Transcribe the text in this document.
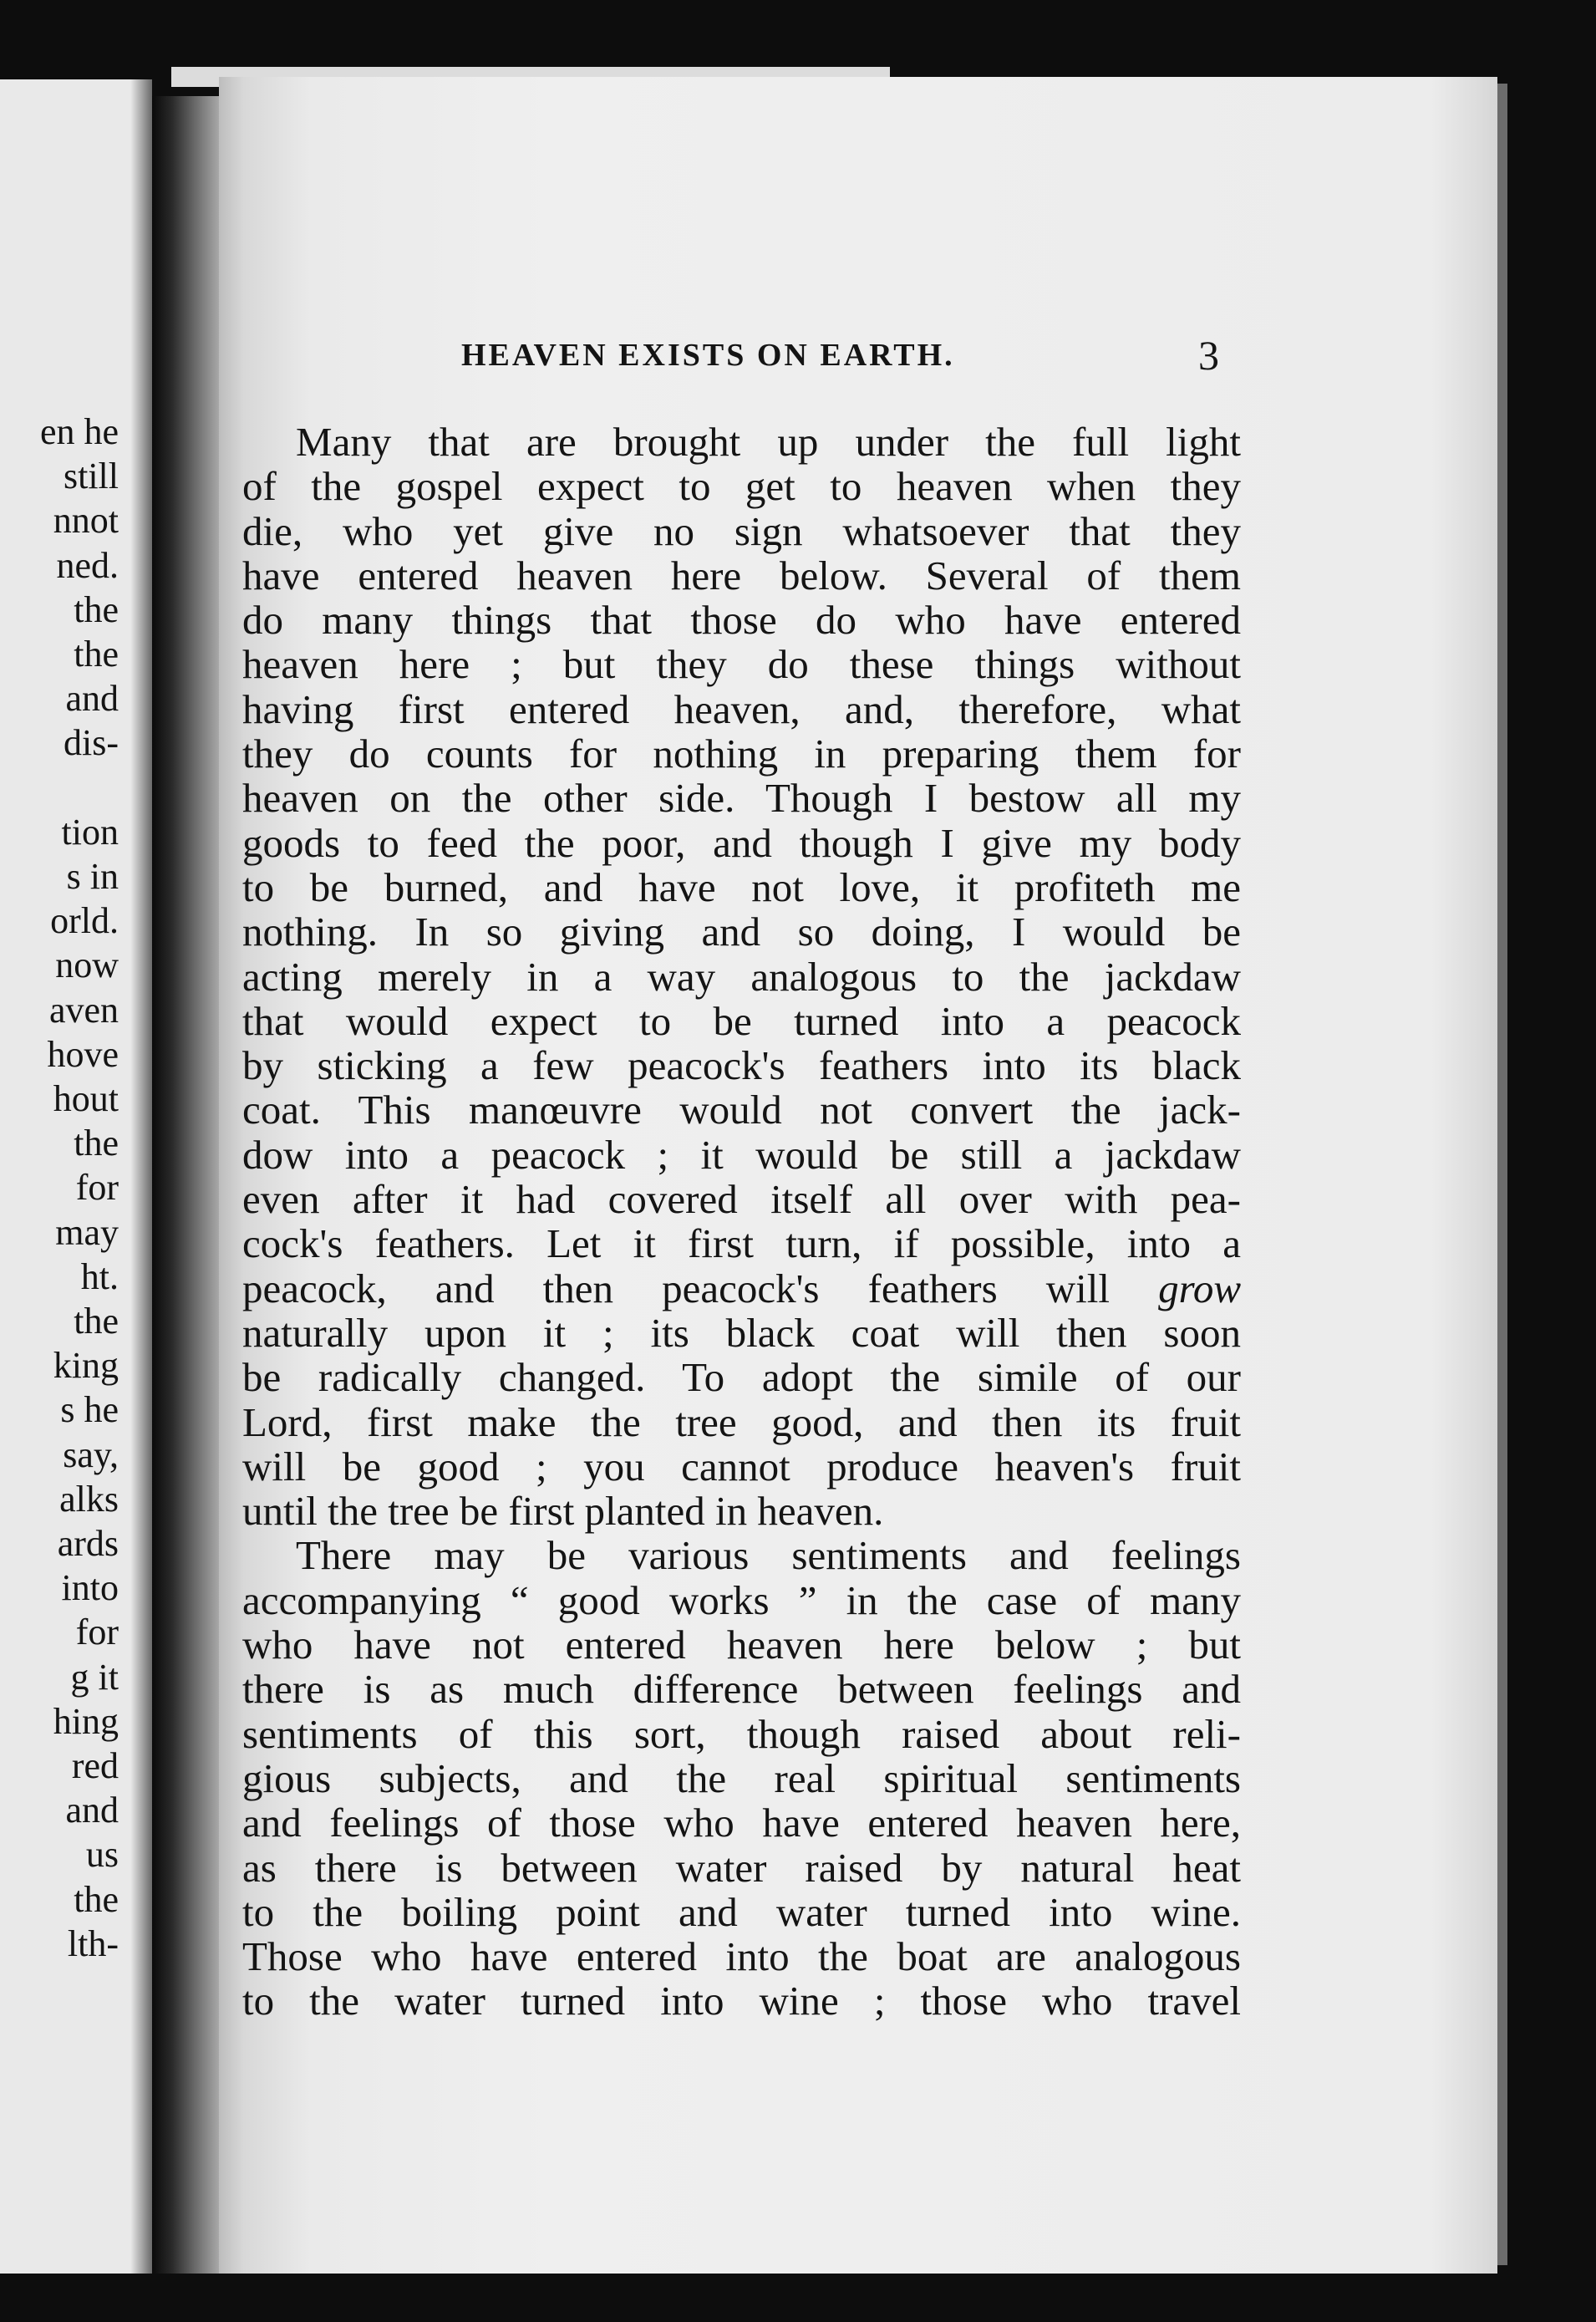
en he
still
nnot
ned.
the
the
and
dis-
tion
s in
orld.
now
aven
hove
hout
the
for
may
ht.
the
king
s he
say,
alks
ards
into
for
g it
hing
red
and
us
the
lth-
HEAVEN EXISTS ON EARTH.	3
Many that are brought up under the full light
of the gospel expect to get to heaven when they
die, who yet give no sign whatsoever that they
have entered heaven here below. Several of them
do many things that those do who have entered
heaven here ; but they do these things without
having first entered heaven, and, therefore, what
they do counts for nothing in preparing them for
heaven on the other side. Though I bestow all my
goods to feed the poor, and though I give my body
to be burned, and have not love, it profiteth me
nothing. In so giving and so doing, I would be
acting merely in a way analogous to the jackdaw
that would expect to be turned into a peacock
by sticking a few peacock's feathers into its black
coat. This manœuvre would not convert the jack-
dow into a peacock ; it would be still a jackdaw
even after it had covered itself all over with pea-
cock's feathers. Let it first turn, if possible, into a
peacock, and then peacock's feathers will grow
naturally upon it ; its black coat will then soon
be radically changed. To adopt the simile of our
Lord, first make the tree good, and then its fruit
will be good ; you cannot produce heaven's fruit
until the tree be first planted in heaven.
There may be various sentiments and feelings
accompanying “ good works ” in the case of many
who have not entered heaven here below ; but
there is as much difference between feelings and
sentiments of this sort, though raised about reli-
gious subjects, and the real spiritual sentiments
and feelings of those who have entered heaven here,
as there is between water raised by natural heat
to the boiling point and water turned into wine.
Those who have entered into the boat are analogous
to the water turned into wine ; those who travel
